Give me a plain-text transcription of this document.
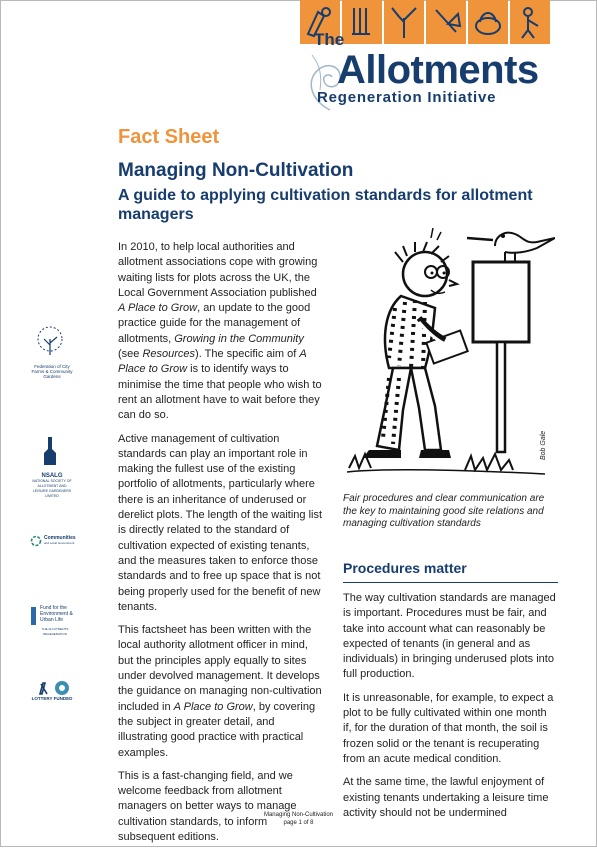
The
Allotments
Regeneration Initiative
Fact Sheet
Managing Non-Cultivation
A guide to applying cultivation standards for allotment managers
Federation of City Farms & Community Gardens
NSALG
NATIONAL SOCIETY OF ALLOTMENT AND LEISURE GARDENERS LIMITED
Communities
and Local Government
Fund for the Environment & Urban Life
THE ALLOTMENTS REGENERATION
LOTTERY FUNDED

In 2010, to help local authorities and allotment associations cope with growing waiting lists for plots across the UK, the Local Government Association published A Place to Grow, an update to the good practice guide for the management of allotments, Growing in the Community (see Resources). The specific aim of A Place to Grow is to identify ways to minimise the time that people who wish to rent an allotment have to wait before they can do so.

Active management of cultivation standards can play an important role in making the fullest use of the existing portfolio of allotments, particularly where there is an inheritance of underused or derelict plots. The length of the waiting list is directly related to the standard of cultivation expected of existing tenants, and the measures taken to enforce those standards and to free up space that is not being properly used for the benefit of new tenants.

This factsheet has been written with the local authority allotment officer in mind, but the principles apply equally to sites under devolved management. It develops the guidance on managing non-cultivation included in A Place to Grow, by covering the subject in greater detail, and illustrating good practice with practical examples.

This is a fast-changing field, and we welcome feedback from allotment managers on better ways to manage cultivation standards, to inform subsequent editions.

Bob Gale
Fair procedures and clear communication are the key to maintaining good site relations and managing cultivation standards
Procedures matter

The way cultivation standards are managed is important. Procedures must be fair, and take into account what can reasonably be expected of tenants (in general and as individuals) in bringing underused plots into full production.

It is unreasonable, for example, to expect a plot to be fully cultivated within one month if, for the duration of that month, the soil is frozen solid or the tenant is recuperating from an acute medical condition.

At the same time, the lawful enjoyment of existing tenants undertaking a leisure time activity should not be undermined

Managing Non-Cultivation
page 1 of 8
